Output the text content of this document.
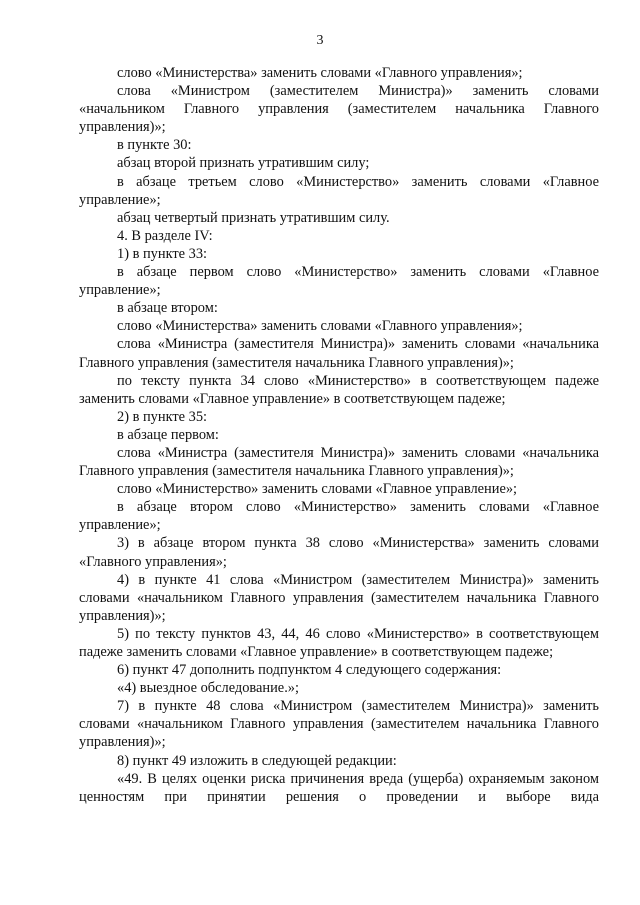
3

слово «Министерства» заменить словами «Главного управления»;

слова «Министром (заместителем Министра)» заменить словами «начальником Главного управления (заместителем начальника Главного управления)»;

в пункте 30:

абзац второй признать утратившим силу;

в абзаце третьем слово «Министерство» заменить словами «Главное управление»;

абзац четвертый признать утратившим силу.

4. В разделе IV:

1) в пункте 33:

в абзаце первом слово «Министерство» заменить словами «Главное управление»;

в абзаце втором:

слово «Министерства» заменить словами «Главного управления»;

слова «Министра (заместителя Министра)» заменить словами «начальника Главного управления (заместителя начальника Главного управления)»;

по тексту пункта 34 слово «Министерство» в соответствующем падеже заменить словами «Главное управление» в соответствующем падеже;

2) в пункте 35:

в абзаце первом:

слова «Министра (заместителя Министра)» заменить словами «начальника Главного управления (заместителя начальника Главного управления)»;

слово «Министерство» заменить словами «Главное управление»;

в абзаце втором слово «Министерство» заменить словами «Главное управление»;

3) в абзаце втором пункта 38 слово «Министерства» заменить словами «Главного управления»;

4) в пункте 41 слова «Министром (заместителем Министра)» заменить словами «начальником Главного управления (заместителем начальника Главного управления)»;

5) по тексту пунктов 43, 44, 46 слово «Министерство» в соответствующем падеже заменить словами «Главное управление» в соответствующем падеже;

6) пункт 47 дополнить подпунктом 4 следующего содержания:

«4) выездное обследование.»;

7) в пункте 48 слова «Министром (заместителем Министра)» заменить словами «начальником Главного управления (заместителем начальника Главного управления)»;

8) пункт 49 изложить в следующей редакции:

«49. В целях оценки риска причинения вреда (ущерба) охраняемым законом ценностям при принятии решения о проведении и выборе вида
